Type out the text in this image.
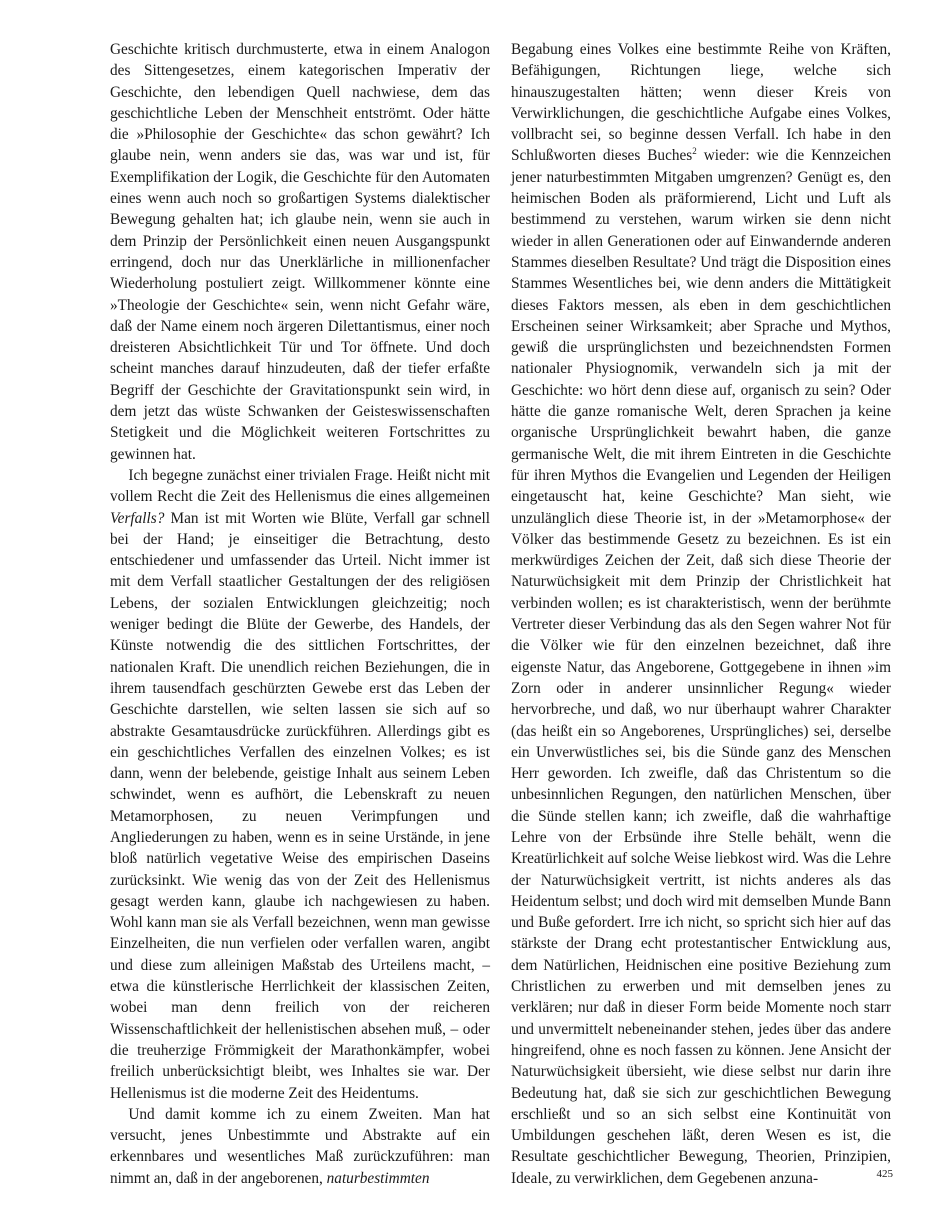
Geschichte kritisch durchmusterte, etwa in einem Analogon des Sittengesetzes, einem kategorischen Imperativ der Geschichte, den lebendigen Quell nachwiese, dem das geschichtliche Leben der Menschheit entströmt. Oder hätte die »Philosophie der Geschichte« das schon gewährt? Ich glaube nein, wenn anders sie das, was war und ist, für Exemplifikation der Logik, die Geschichte für den Automaten eines wenn auch noch so großartigen Systems dialektischer Bewegung gehalten hat; ich glaube nein, wenn sie auch in dem Prinzip der Persönlichkeit einen neuen Ausgangspunkt erringend, doch nur das Unerklärliche in millionenfacher Wiederholung postuliert zeigt. Willkommener könnte eine »Theologie der Geschichte« sein, wenn nicht Gefahr wäre, daß der Name einem noch ärgeren Dilettantismus, einer noch dreisteren Absichtlichkeit Tür und Tor öffnete. Und doch scheint manches darauf hinzudeuten, daß der tiefer erfaßte Begriff der Geschichte der Gravitationspunkt sein wird, in dem jetzt das wüste Schwanken der Geisteswissenschaften Stetigkeit und die Möglichkeit weiteren Fortschrittes zu gewinnen hat.

Ich begegne zunächst einer trivialen Frage. Heißt nicht mit vollem Recht die Zeit des Hellenismus die eines allgemeinen Verfalls? Man ist mit Worten wie Blüte, Verfall gar schnell bei der Hand; je einseitiger die Betrachtung, desto entschiedener und umfassender das Urteil. Nicht immer ist mit dem Verfall staatlicher Gestaltungen der des religiösen Lebens, der sozialen Entwicklungen gleichzeitig; noch weniger bedingt die Blüte der Gewerbe, des Handels, der Künste notwendig die des sittlichen Fortschrittes, der nationalen Kraft. Die unendlich reichen Beziehungen, die in ihrem tausendfach geschürzten Gewebe erst das Leben der Geschichte darstellen, wie selten lassen sie sich auf so abstrakte Gesamtausdrücke zurückführen. Allerdings gibt es ein geschichtliches Verfallen des einzelnen Volkes; es ist dann, wenn der belebende, geistige Inhalt aus seinem Leben schwindet, wenn es aufhört, die Lebenskraft zu neuen Metamorphosen, zu neuen Verimpfungen und Angliederungen zu haben, wenn es in seine Urstände, in jene bloß natürlich vegetative Weise des empirischen Daseins zurücksinkt. Wie wenig das von der Zeit des Hellenismus gesagt werden kann, glaube ich nachgewiesen zu haben. Wohl kann man sie als Verfall bezeichnen, wenn man gewisse Einzelheiten, die nun verfielen oder verfallen waren, angibt und diese zum alleinigen Maßstab des Urteilens macht, – etwa die künstlerische Herrlichkeit der klassischen Zeiten, wobei man denn freilich von der reicheren Wissenschaftlichkeit der hellenistischen absehen muß, – oder die treuherzige Frömmigkeit der Marathonkämpfer, wobei freilich unberücksichtigt bleibt, wes Inhaltes sie war. Der Hellenismus ist die moderne Zeit des Heidentums.

Und damit komme ich zu einem Zweiten. Man hat versucht, jenes Unbestimmte und Abstrakte auf ein erkennbares und wesentliches Maß zurückzuführen: man nimmt an, daß in der angeborenen, naturbestimmten

Begabung eines Volkes eine bestimmte Reihe von Kräften, Befähigungen, Richtungen liege, welche sich hinauszugestalten hätten; wenn dieser Kreis von Verwirklichungen, die geschichtliche Aufgabe eines Volkes, vollbracht sei, so beginne dessen Verfall. Ich habe in den Schlußworten dieses Buches$^2$ wieder: wie die Kennzeichen jener naturbestimmten Mitgaben umgrenzen? Genügt es, den heimischen Boden als präformierend, Licht und Luft als bestimmend zu verstehen, warum wirken sie denn nicht wieder in allen Generationen oder auf Einwandernde anderen Stammes dieselben Resultate? Und trägt die Disposition eines Stammes Wesentliches bei, wie denn anders die Mittätigkeit dieses Faktors messen, als eben in dem geschichtlichen Erscheinen seiner Wirksamkeit; aber Sprache und Mythos, gewiß die ursprünglichsten und bezeichnendsten Formen nationaler Physiognomik, verwandeln sich ja mit der Geschichte: wo hört denn diese auf, organisch zu sein? Oder hätte die ganze romanische Welt, deren Sprachen ja keine organische Ursprünglichkeit bewahrt haben, die ganze germanische Welt, die mit ihrem Eintreten in die Geschichte für ihren Mythos die Evangelien und Legenden der Heiligen eingetauscht hat, keine Geschichte? Man sieht, wie unzulänglich diese Theorie ist, in der »Metamorphose« der Völker das bestimmende Gesetz zu bezeichnen. Es ist ein merkwürdiges Zeichen der Zeit, daß sich diese Theorie der Naturwüchsigkeit mit dem Prinzip der Christlichkeit hat verbinden wollen; es ist charakteristisch, wenn der berühmte Vertreter dieser Verbindung das als den Segen wahrer Not für die Völker wie für den einzelnen bezeichnet, daß ihre eigenste Natur, das Angeborene, Gottgegebene in ihnen »im Zorn oder in anderer unsinnlicher Regung« wieder hervorbreche, und daß, wo nur überhaupt wahrer Charakter (das heißt ein so Angeborenes, Ursprüngliches) sei, derselbe ein Unverwüstliches sei, bis die Sünde ganz des Menschen Herr geworden. Ich zweifle, daß das Christentum so die unbesinnlichen Regungen, den natürlichen Menschen, über die Sünde stellen kann; ich zweifle, daß die wahrhaftige Lehre von der Erbsünde ihre Stelle behält, wenn die Kreatürlichkeit auf solche Weise liebkost wird. Was die Lehre der Naturwüchsigkeit vertritt, ist nichts anderes als das Heidentum selbst; und doch wird mit demselben Munde Bann und Buße gefordert. Irre ich nicht, so spricht sich hier auf das stärkste der Drang echt protestantischer Entwicklung aus, dem Natürlichen, Heidnischen eine positive Beziehung zum Christlichen zu erwerben und mit demselben jenes zu verklären; nur daß in dieser Form beide Momente noch starr und unvermittelt nebeneinander stehen, jedes über das andere hingreifend, ohne es noch fassen zu können. Jene Ansicht der Naturwüchsigkeit übersieht, wie diese selbst nur darin ihre Bedeutung hat, daß sie sich zur geschichtlichen Bewegung erschließt und so an sich selbst eine Kontinuität von Umbildungen geschehen läßt, deren Wesen es ist, die Resultate geschichtlicher Bewegung, Theorien, Prinzipien, Ideale, zu verwirklichen, dem Gegebenen anzuna-	425
